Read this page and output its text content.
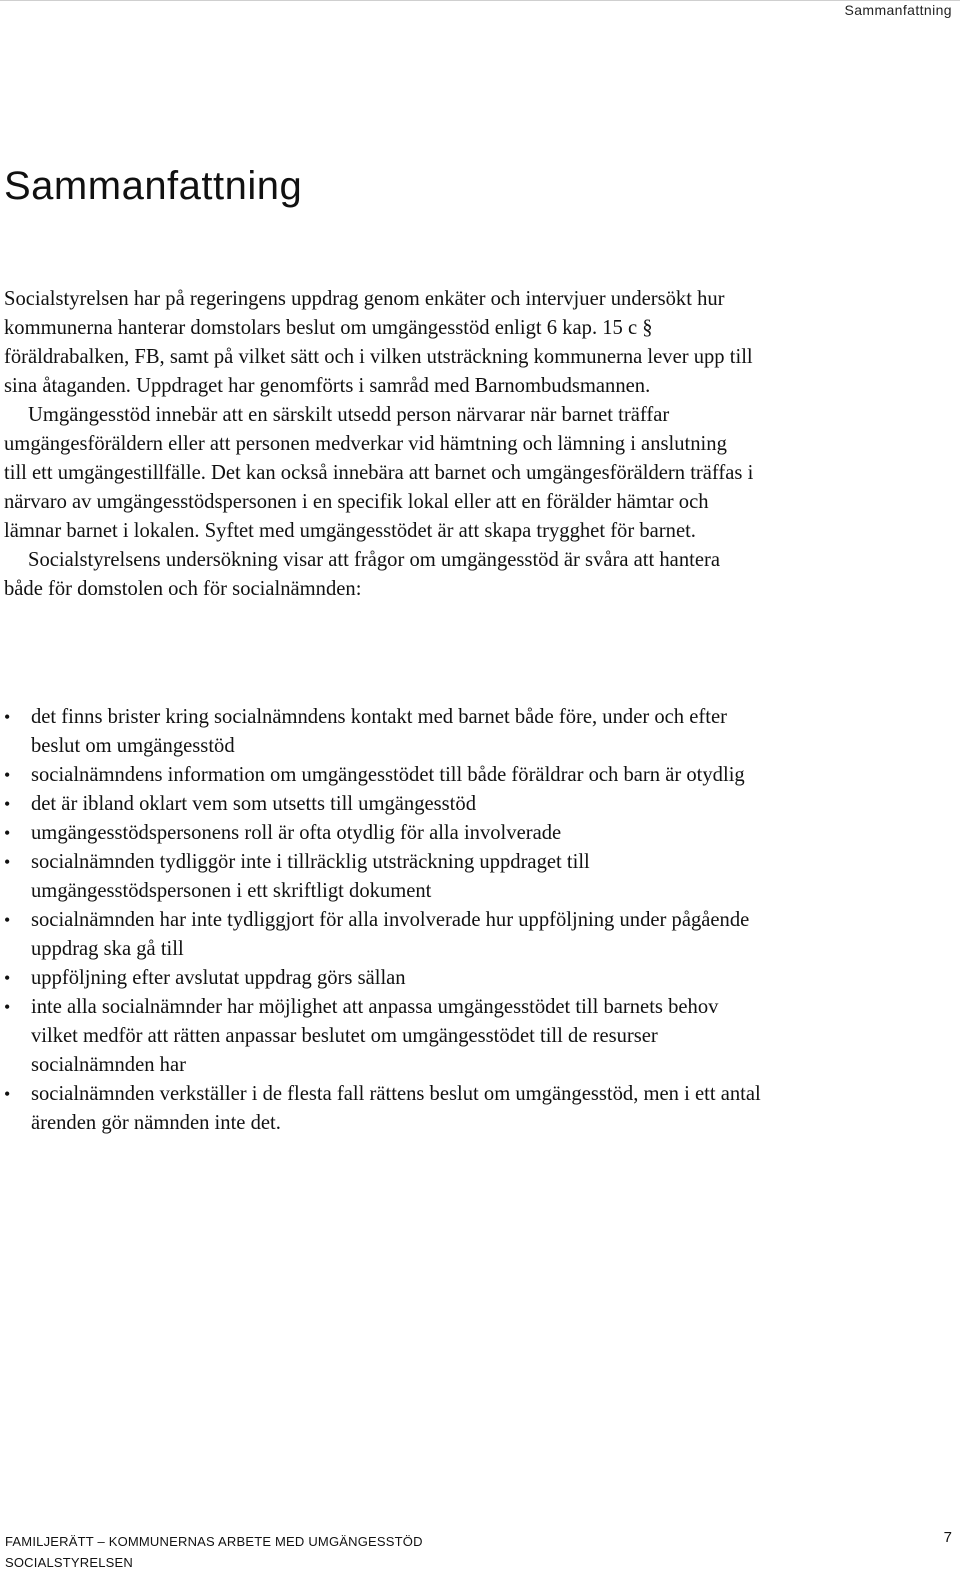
Sammanfattning
Sammanfattning

Socialstyrelsen har på regeringens uppdrag genom enkäter och intervjuer undersökt hur kommunerna hanterar domstolars beslut om umgängesstöd enligt 6 kap. 15 c § föräldrabalken, FB, samt på vilket sätt och i vilken utsträckning kommunerna lever upp till sina åtaganden. Uppdraget har genomförts i samråd med Barnombudsmannen.

Umgängesstöd innebär att en särskilt utsedd person närvarar när barnet träffar umgängesföräldern eller att personen medverkar vid hämtning och lämning i anslutning till ett umgängestillfälle. Det kan också innebära att barnet och umgängesföräldern träffas i närvaro av umgängesstödspersonen i en specifik lokal eller att en förälder hämtar och lämnar barnet i lokalen. Syftet med umgängesstödet är att skapa trygghet för barnet.

Socialstyrelsens undersökning visar att frågor om umgängesstöd är svåra att hantera både för domstolen och för socialnämnden:

• det finns brister kring socialnämndens kontakt med barnet både före, under och efter beslut om umgängesstöd
• socialnämndens information om umgängesstödet till både föräldrar och barn är otydlig
• det är ibland oklart vem som utsetts till umgängesstöd
• umgängesstödspersonens roll är ofta otydlig för alla involverade
• socialnämnden tydliggör inte i tillräcklig utsträckning uppdraget till umgängesstödspersonen i ett skriftligt dokument
• socialnämnden har inte tydliggjort för alla involverade hur uppföljning under pågående uppdrag ska gå till
• uppföljning efter avslutat uppdrag görs sällan
• inte alla socialnämnder har möjlighet att anpassa umgängesstödet till barnets behov vilket medför att rätten anpassar beslutet om umgängesstödet till de resurser socialnämnden har
• socialnämnden verkställer i de flesta fall rättens beslut om umgängesstöd, men i ett antal ärenden gör nämnden inte det.
FAMILJERÄTT – KOMMUNERNAS ARBETE MED UMGÄNGESSTÖD
SOCIALSTYRELSEN
7
